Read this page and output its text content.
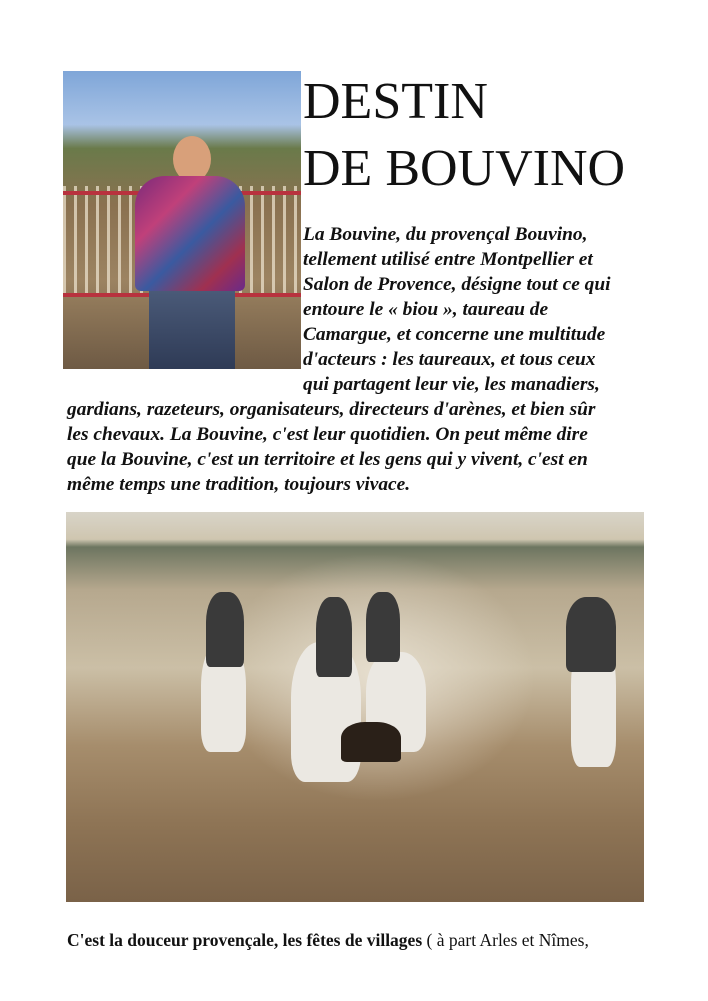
DESTIN
DE BOUVINO
La Bouvine, du provençal Bouvino,
tellement utilisé entre Montpellier et
Salon de Provence, désigne tout ce qui
entoure le « biou », taureau de
Camargue, et concerne une multitude
d'acteurs : les taureaux, et tous ceux
qui partagent leur vie, les manadiers,
gardians, razeteurs, organisateurs, directeurs d'arènes, et bien sûr
les chevaux. La Bouvine, c'est leur quotidien. On peut même dire
que la Bouvine, c'est un territoire et les gens qui y vivent, c'est en
même temps une tradition, toujours vivace.
C'est la douceur provençale, les fêtes de villages ( à part Arles et Nîmes,
